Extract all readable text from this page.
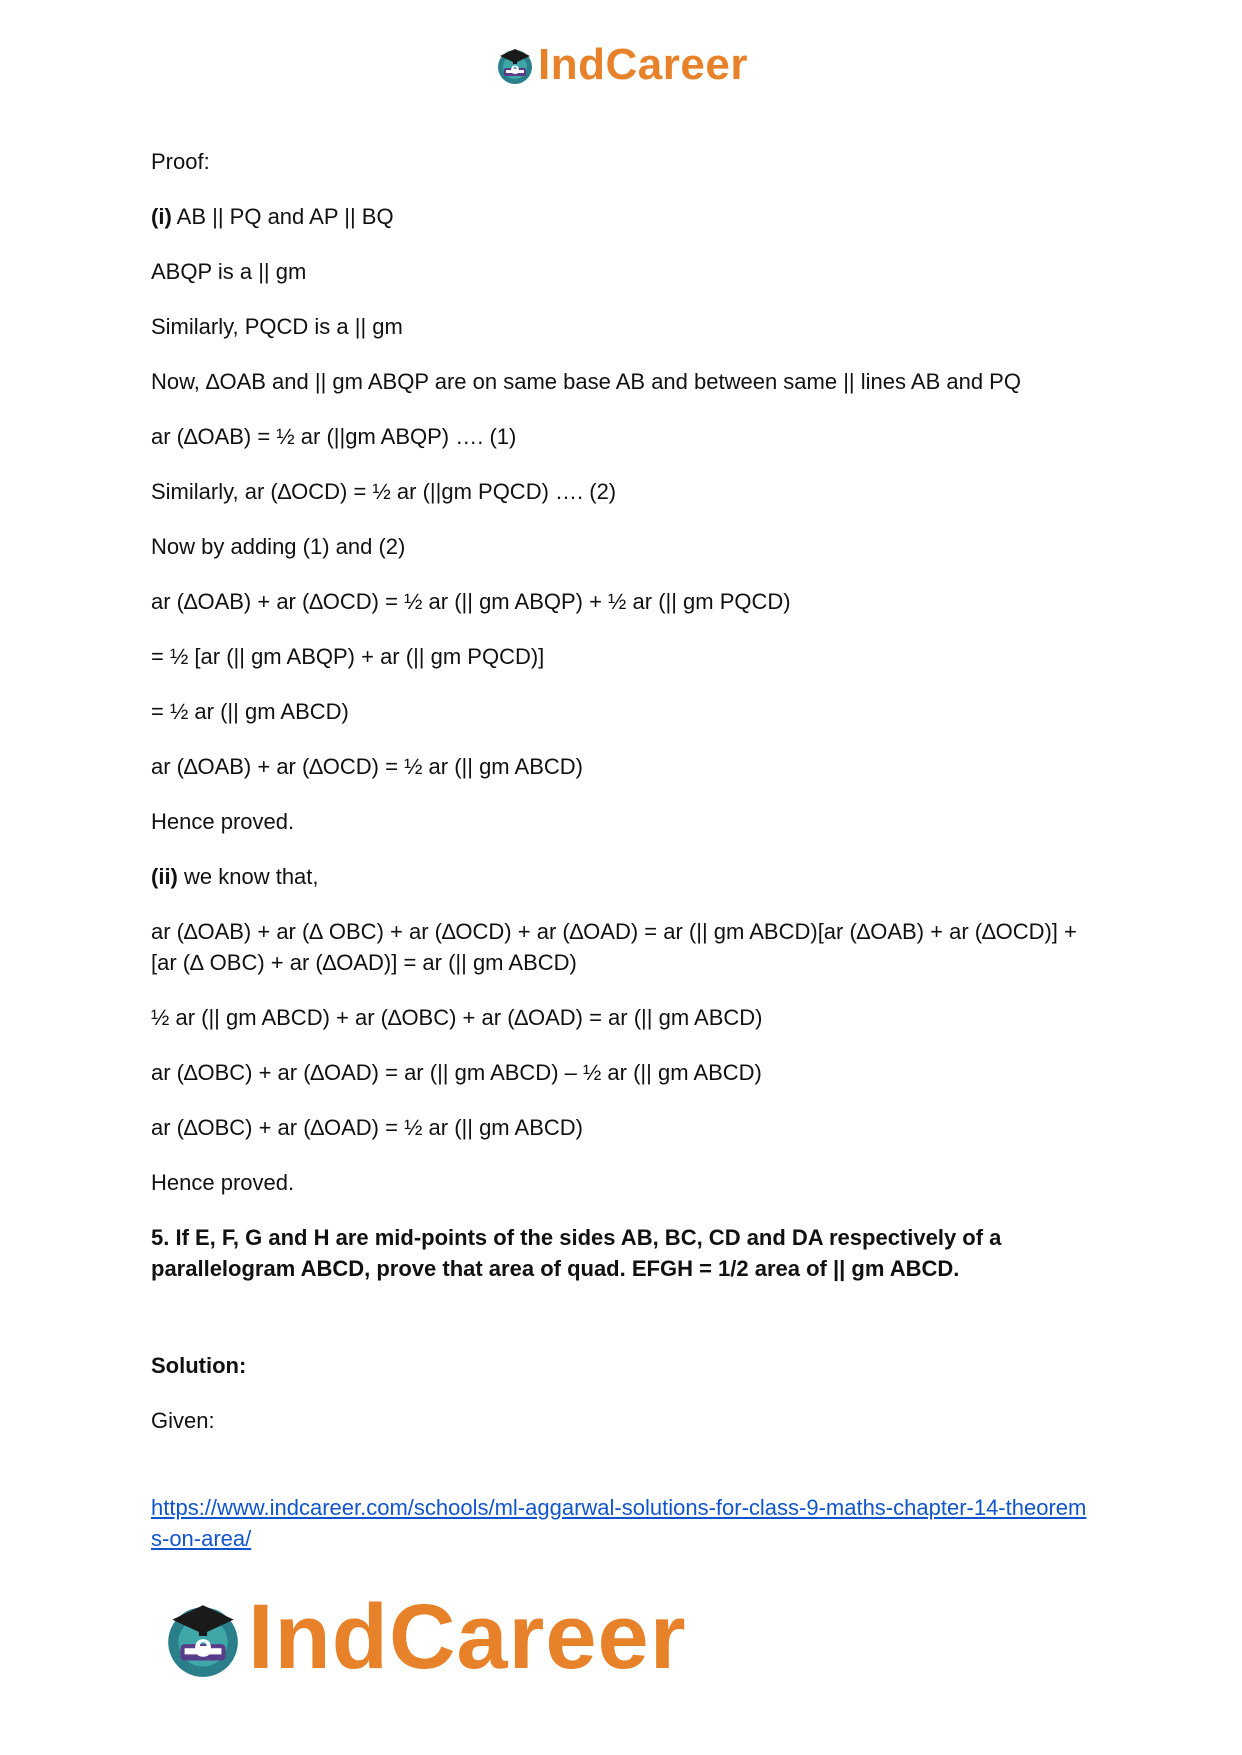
e IndCareer

Proof:

(i) AB || PQ and AP || BQ

ABQP is a || gm

Similarly, PQCD is a || gm

Now, ∆OAB and || gm ABQP are on same base AB and between same || lines AB and PQ

ar (∆OAB) = ½ ar (||gm ABQP) …. (1)

Similarly, ar (∆OCD) = ½ ar (||gm PQCD) …. (2)

Now by adding (1) and (2)

ar (∆OAB) + ar (∆OCD) = ½ ar (|| gm ABQP) + ½ ar (|| gm PQCD)

= ½ [ar (|| gm ABQP) + ar (|| gm PQCD)]

= ½ ar (|| gm ABCD)

ar (∆OAB) + ar (∆OCD) = ½ ar (|| gm ABCD)

Hence proved.

(ii) we know that,

ar (∆OAB) + ar (∆ OBC) + ar (∆OCD) + ar (∆OAD) = ar (|| gm ABCD)[ar (∆OAB) + ar (∆OCD)] + [ar (∆ OBC) + ar (∆OAD)] = ar (|| gm ABCD)

½ ar (|| gm ABCD) + ar (∆OBC) + ar (∆OAD) = ar (|| gm ABCD)

ar (∆OBC) + ar (∆OAD) = ar (|| gm ABCD) – ½ ar (|| gm ABCD)

ar (∆OBC) + ar (∆OAD) = ½ ar (|| gm ABCD)

Hence proved.

5. If E, F, G and H are mid-points of the sides AB, BC, CD and DA respectively of a parallelogram ABCD, prove that area of quad. EFGH = 1/2 area of || gm ABCD.

Solution:

Given:

https://www.indcareer.com/schools/ml-aggarwal-solutions-for-class-9-maths-chapter-14-theorems-on-area/

e IndCareer
